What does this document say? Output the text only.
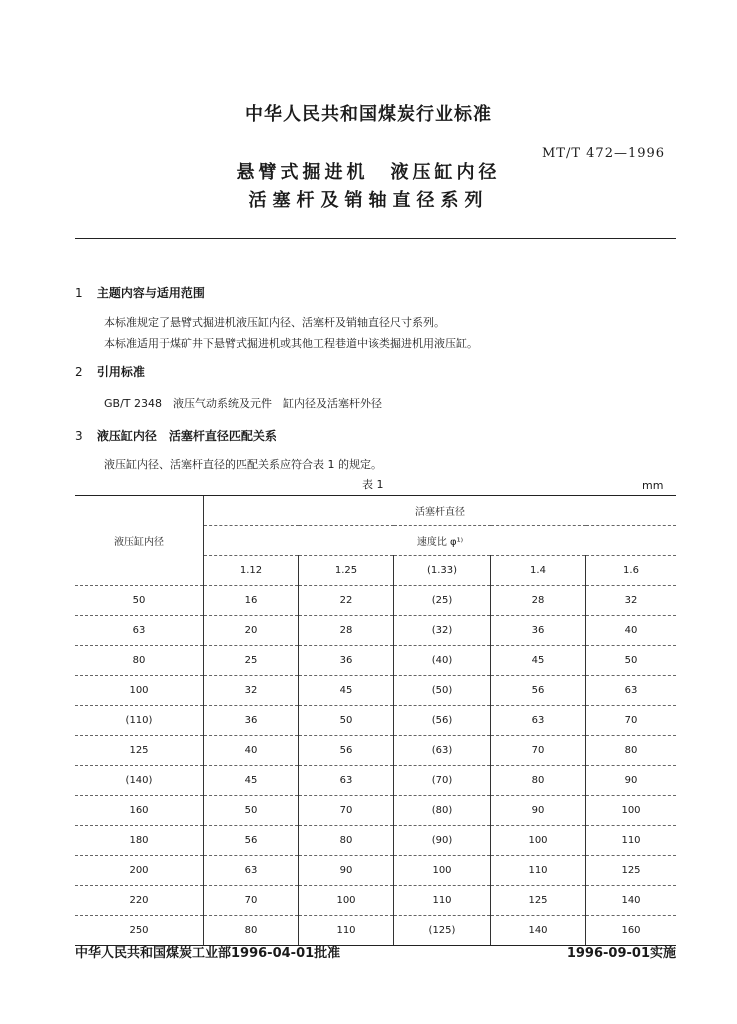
中华人民共和国煤炭行业标准
MT/T 472—1996
悬臂式掘进机　液压缸内径
活塞杆及销轴直径系列
1 主题内容与适用范围
本标准规定了悬臂式掘进机液压缸内径、活塞杆及销轴直径尺寸系列。
本标准适用于煤矿井下悬臂式掘进机或其他工程巷道中该类掘进机用液压缸。
2 引用标准
GB/T 2348　液压气动系统及元件　缸内径及活塞杆外径
3 液压缸内径　活塞杆直径匹配关系
液压缸内径、活塞杆直径的匹配关系应符合表 1 的规定。
表 1	mm
液压缸内径	活塞杆直径				
	速度比 φ¹⁾				
	1.12	1.25	(1.33)	1.4	1.6
50	16	22	(25)	28	32
63	20	28	(32)	36	40
80	25	36	(40)	45	50
100	32	45	(50)	56	63
(110)	36	50	(56)	63	70
125	40	56	(63)	70	80
(140)	45	63	(70)	80	90
160	50	70	(80)	90	100
180	56	80	(90)	100	110
200	63	90	100	110	125
220	70	100	110	125	140
250	80	110	(125)	140	160
中华人民共和国煤炭工业部1996-04-01批准	1996-09-01实施
